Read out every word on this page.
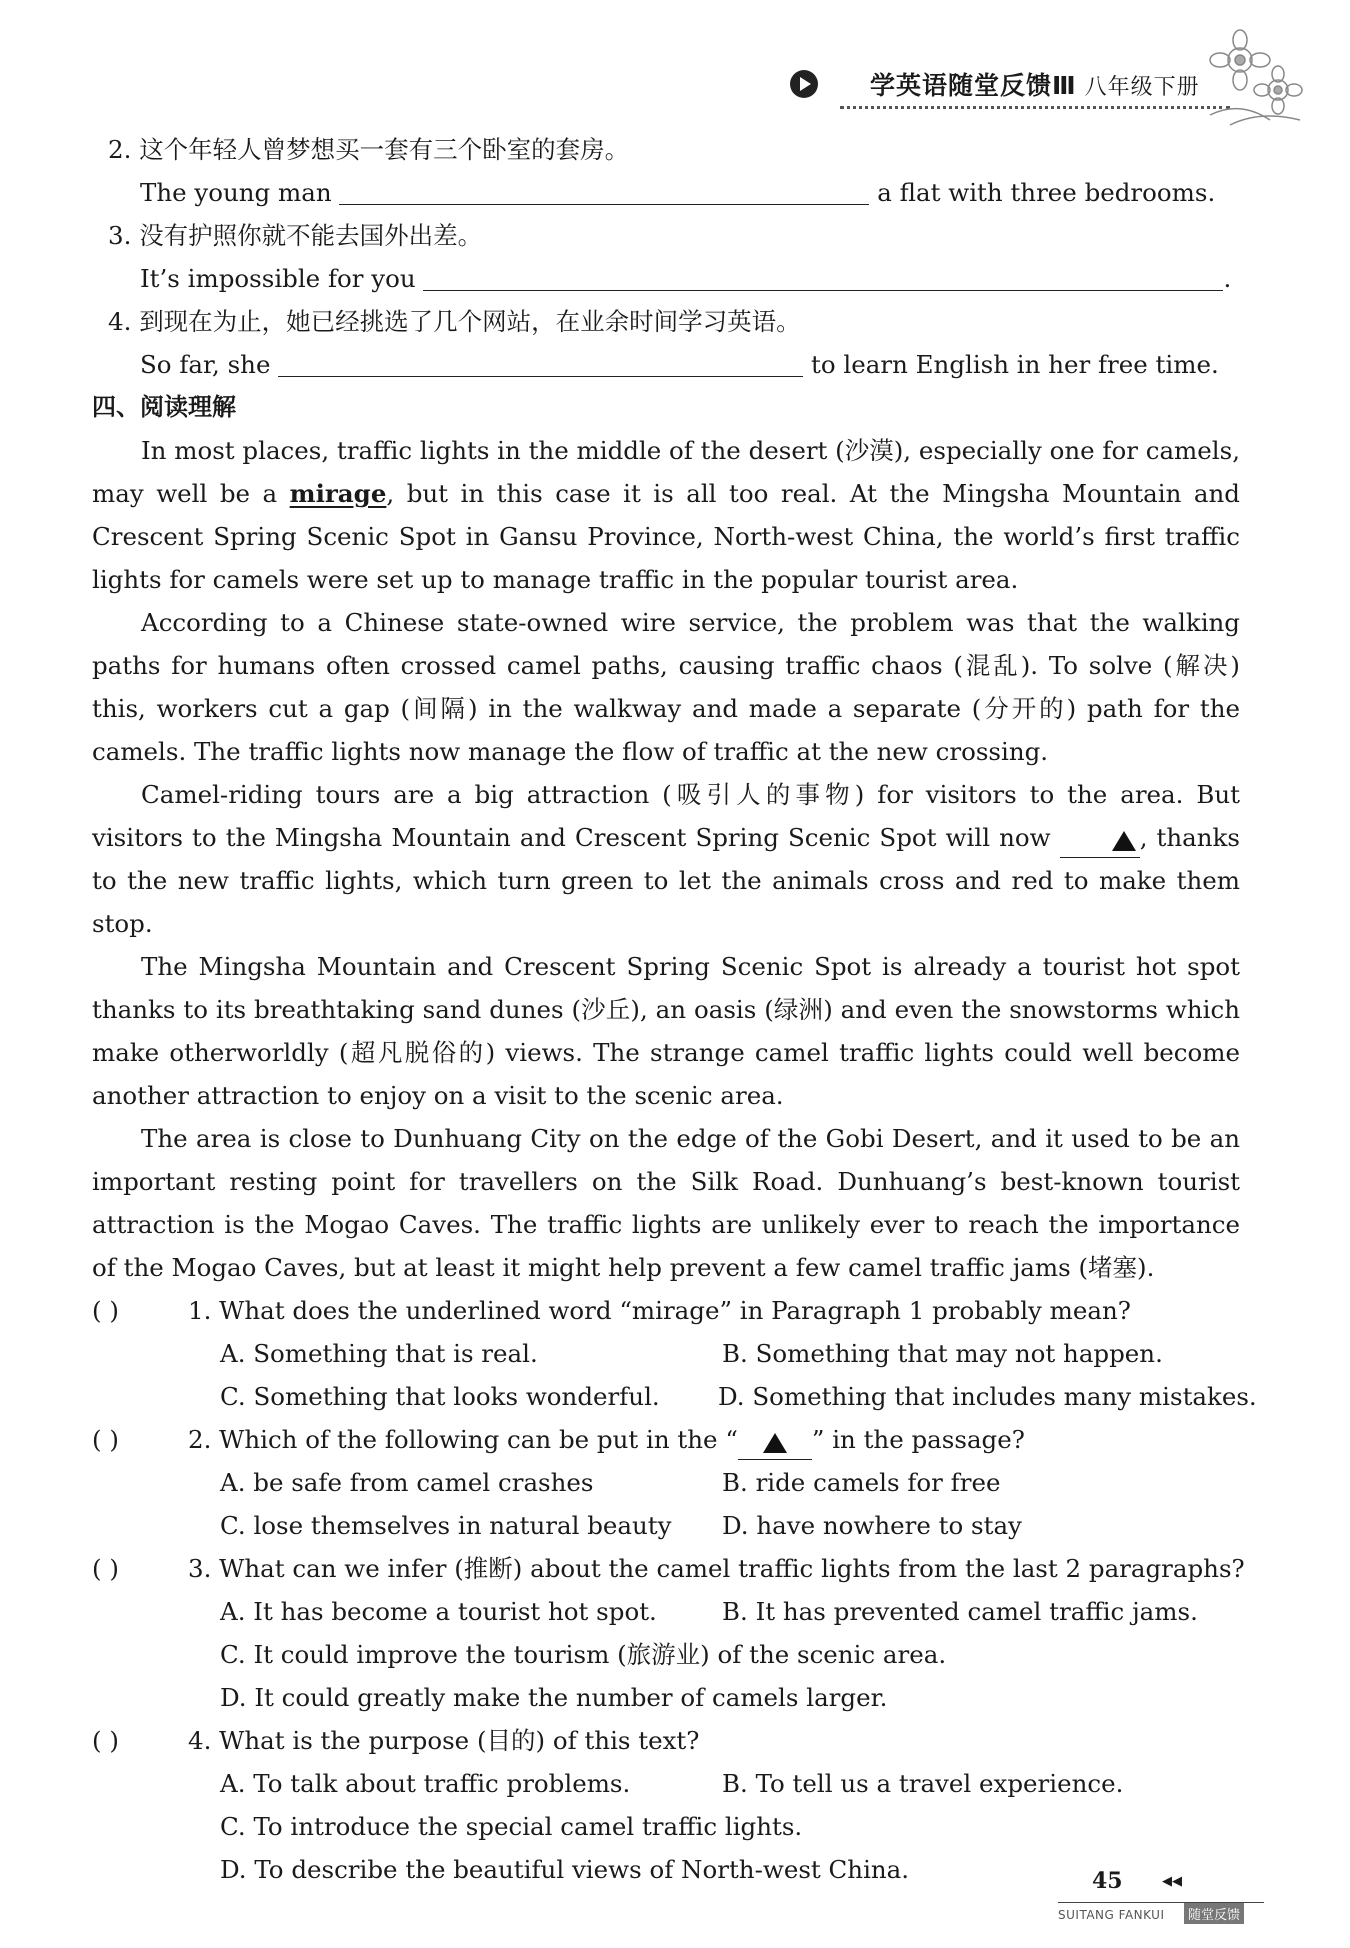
学英语随堂反馈Ⅲ 八年级下册
2. 这个年轻人曾梦想买一套有三个卧室的套房。
The young man	a flat with three bedrooms.
3. 没有护照你就不能去国外出差。
It’s impossible for you	.
4. 到现在为止，她已经挑选了几个网站，在业余时间学习英语。
So far, she	to learn English in her free time.
四、阅读理解

In most places, traffic lights in the middle of the desert (沙漠), especially one for camels, may well be a mirage, but in this case it is all too real. At the Mingsha Mountain and Crescent Spring Scenic Spot in Gansu Province, North-west China, the world’s first traffic lights for camels were set up to manage traffic in the popular tourist area.

According to a Chinese state-owned wire service, the problem was that the walking paths for humans often crossed camel paths, causing traffic chaos (混乱). To solve (解决) this, workers cut a gap (间隔) in the walkway and made a separate (分开的) path for the camels. The traffic lights now manage the flow of traffic at the new crossing.

Camel-riding tours are a big attraction (吸引人的事物) for visitors to the area. But visitors to the Mingsha Mountain and Crescent Spring Scenic Spot will now	, thanks to the new traffic lights, which turn green to let the animals cross and red to make them stop.

The Mingsha Mountain and Crescent Spring Scenic Spot is already a tourist hot spot thanks to its breathtaking sand dunes (沙丘), an oasis (绿洲) and even the snowstorms which make otherworldly (超凡脱俗的) views. The strange camel traffic lights could well become another attraction to enjoy on a visit to the scenic area.

The area is close to Dunhuang City on the edge of the Gobi Desert, and it used to be an important resting point for travellers on the Silk Road. Dunhuang’s best-known tourist attraction is the Mogao Caves. The traffic lights are unlikely ever to reach the importance of the Mogao Caves, but at least it might help prevent a few camel traffic jams (堵塞).

( )	1. What does the underlined word “mirage” in Paragraph 1 probably mean?
A. Something that is real.	B. Something that may not happen.
C. Something that looks wonderful. D. Something that includes many mistakes.
( )	2. Which of the following can be put in the “	” in the passage?
A. be safe from camel crashes	B. ride camels for free
C. lose themselves in natural beauty D. have nowhere to stay
( )	3. What can we infer (推断) about the camel traffic lights from the last 2 paragraphs?
A. It has become a tourist hot spot.	B. It has prevented camel traffic jams.
C. It could improve the tourism (旅游业) of the scenic area.
D. It could greatly make the number of camels larger.
( )	4. What is the purpose (目的) of this text?
A. To talk about traffic problems.	B. To tell us a travel experience.
C. To introduce the special camel traffic lights.
D. To describe the beautiful views of North-west China.	45	◀◀
SUITANG FANKUI	随堂反馈
